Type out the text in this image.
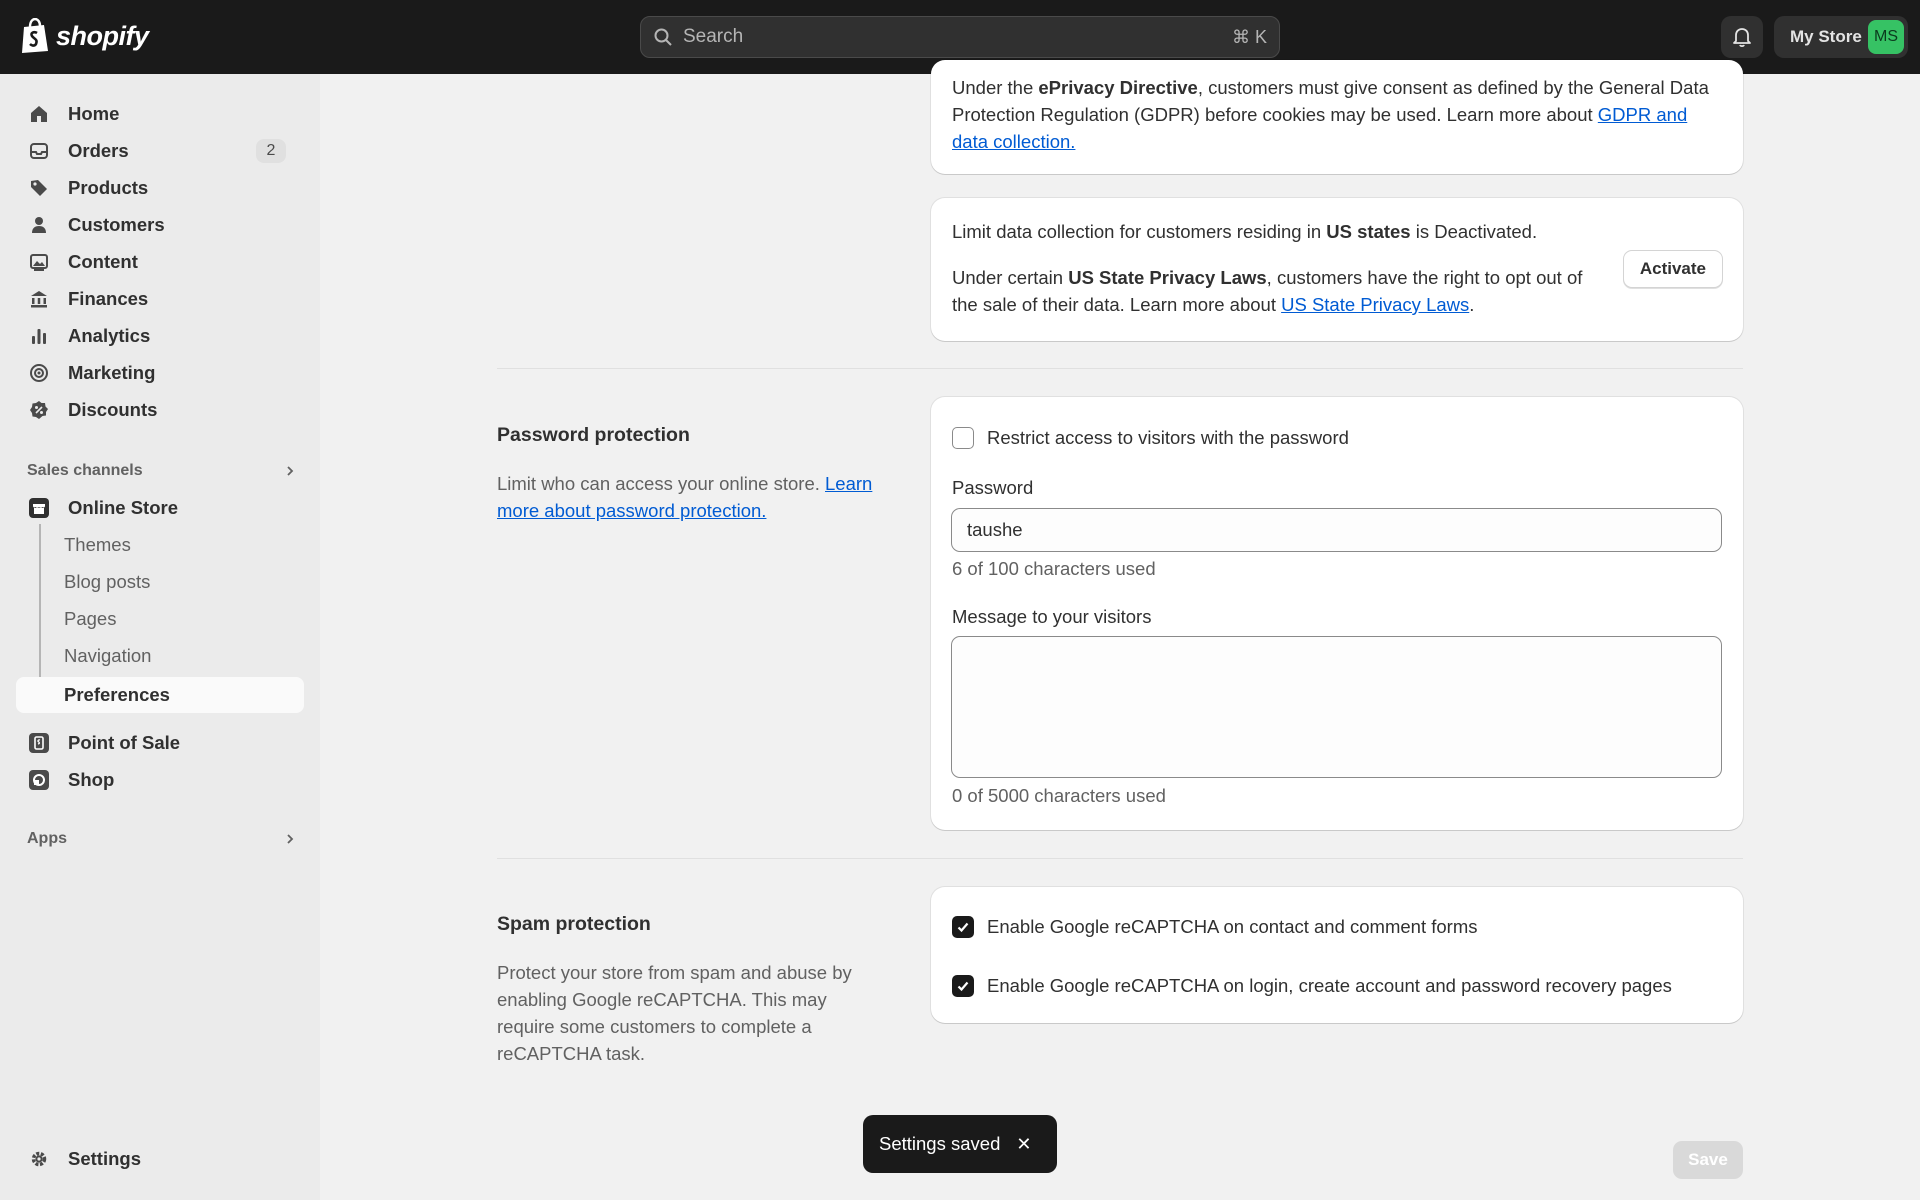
shopify	Search	⌘ K	My Store MS
Home
Orders	2
Products
Customers
Content
Finances
Analytics
Marketing
Discounts
Sales channels
Online Store
Themes
Blog posts
Pages
Navigation
Preferences
Point of Sale
Shop
Apps
Settings

Under the ePrivacy Directive, customers must give consent as defined by the General Data Protection Regulation (GDPR) before cookies may be used. Learn more about GDPR and data collection.

Limit data collection for customers residing in US states is Deactivated.

Under certain US State Privacy Laws, customers have the right to opt out of the sale of their data. Learn more about US State Privacy Laws.

Activate
Password protection

Limit who can access your online store. Learn more about password protection.

Restrict access to visitors with the password
Password
taushe
6 of 100 characters used
Message to your visitors
0 of 5000 characters used
Spam protection

Protect your store from spam and abuse by enabling Google reCAPTCHA. This may require some customers to complete a reCAPTCHA task.

Enable Google reCAPTCHA on contact and comment forms
Enable Google reCAPTCHA on login, create account and password recovery pages
Settings saved ✕
Save
